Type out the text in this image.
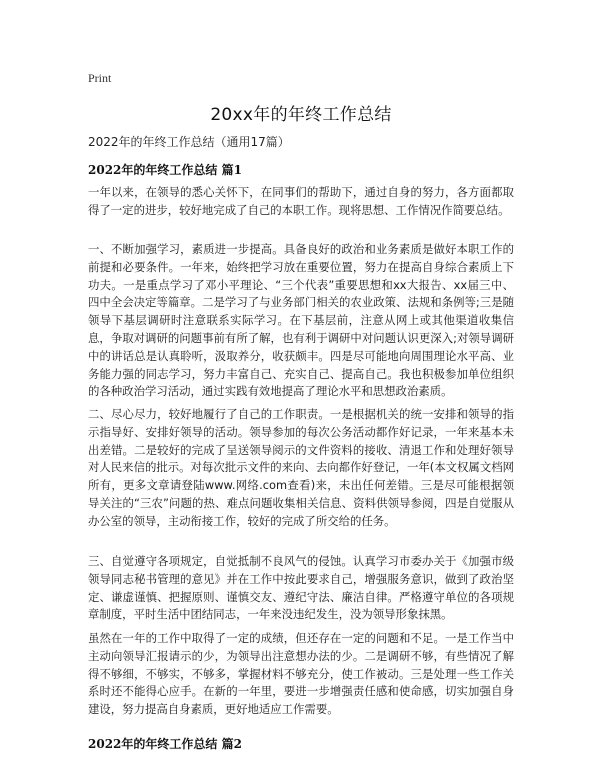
Print
20xx年的年终工作总结
2022年的年终工作总结（通用17篇）
2022年的年终工作总结 篇1

一年以来，在领导的悉心关怀下，在同事们的帮助下，通过自身的努力，各方面都取得了一定的进步，较好地完成了自己的本职工作。现将思想、工作情况作简要总结。

一、不断加强学习，素质进一步提高。具备良好的政治和业务素质是做好本职工作的前提和必要条件。一年来，始终把学习放在重要位置，努力在提高自身综合素质上下功夫。一是重点学习了邓小平理论、“三个代表”重要思想和xx大报告、xx届三中、四中全会决定等篇章。二是学习了与业务部门相关的农业政策、法规和条例等;三是随领导下基层调研时注意联系实际学习。在下基层前，注意从网上或其他渠道收集信息，争取对调研的问题事前有所了解，也有利于调研中对问题认识更深入;对领导调研中的讲话总是认真聆听，汲取养分，收获颇丰。四是尽可能地向周围理论水平高、业务能力强的同志学习，努力丰富自己、充实自己、提高自己。我也积极参加单位组织的各种政治学习活动，通过实践有效地提高了理论水平和思想政治素质。

二、尽心尽力，较好地履行了自己的工作职责。一是根据机关的统一安排和领导的指示指导好、安排好领导的活动。领导参加的每次公务活动都作好记录，一年来基本未出差错。二是较好的完成了呈送领导阅示的文件资料的接收、清退工作和处理好领导对人民来信的批示。对每次批示文件的来向、去向都作好登记，一年(本文权属文档网所有，更多文章请登陆www.网络.com查看)来，未出任何差错。三是尽可能根据领导关注的“三农”问题的热、难点问题收集相关信息、资料供领导参阅，四是自觉服从办公室的领导，主动衔接工作，较好的完成了所交给的任务。

三、自觉遵守各项规定，自觉抵制不良风气的侵蚀。认真学习市委办关于《加强市级领导同志秘书管理的意见》并在工作中按此要求自己，增强服务意识，做到了政治坚定、谦虚谨慎、把握原则、谨慎交友、遵纪守法、廉洁自律。严格遵守单位的各项规章制度，平时生活中团结同志，一年来没违纪发生，没为领导形象抹黑。

虽然在一年的工作中取得了一定的成绩，但还存在一定的问题和不足。一是工作当中主动向领导汇报请示的少，为领导出注意想办法的少。二是调研不够，有些情况了解得不够细，不够实，不够多，掌握材料不够充分，使工作被动。三是处理一些工作关系时还不能得心应手。在新的一年里，要进一步增强责任感和使命感，切实加强自身建设，努力提高自身素质，更好地适应工作需要。

2022年的年终工作总结 篇2
